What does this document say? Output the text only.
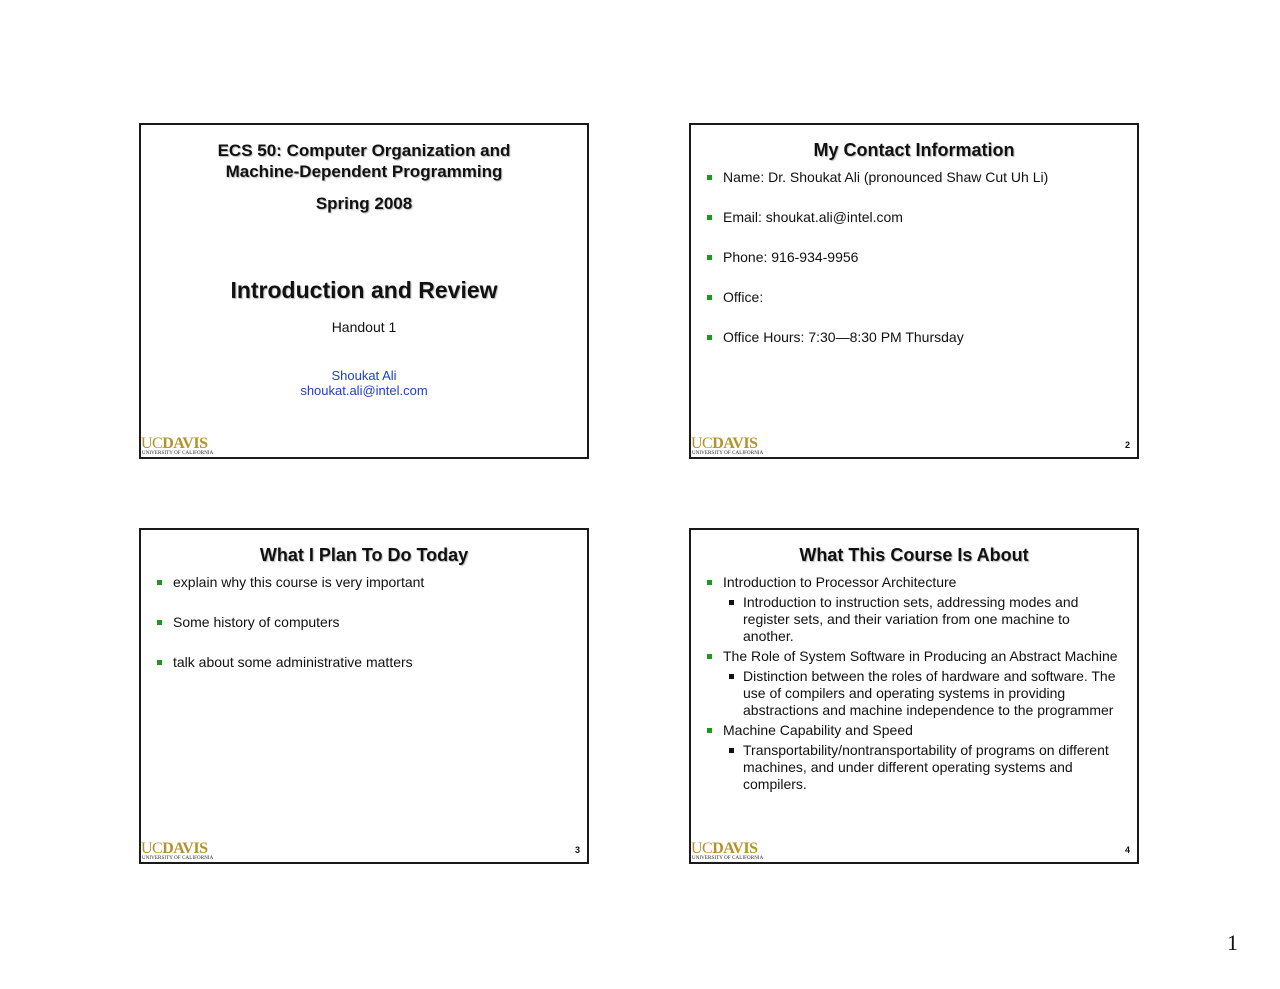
ECS 50: Computer Organization and
Machine-Dependent Programming
Spring 2008
Introduction and Review
Handout 1
Shoukat Ali
shoukat.ali@intel.com
UCDAVIS
UNIVERSITY OF CALIFORNIA
My Contact Information
Name: Dr. Shoukat Ali (pronounced Shaw Cut Uh Li)
Email: shoukat.ali@intel.com
Phone: 916-934-9956
Office:
Office Hours: 7:30—8:30 PM Thursday
2
UCDAVIS
UNIVERSITY OF CALIFORNIA
What I Plan To Do Today
explain why this course is very important
Some history of computers
talk about some administrative matters
3
UCDAVIS
UNIVERSITY OF CALIFORNIA
What This Course Is About
Introduction to Processor Architecture
Introduction to instruction sets, addressing modes and register sets, and their variation from one machine to another.
The Role of System Software in Producing an Abstract Machine
Distinction between the roles of hardware and software. The use of compilers and operating systems in providing abstractions and machine independence to the programmer
Machine Capability and Speed
Transportability/nontransportability of programs on different machines, and under different operating systems and compilers.
4
UCDAVIS
UNIVERSITY OF CALIFORNIA
1
